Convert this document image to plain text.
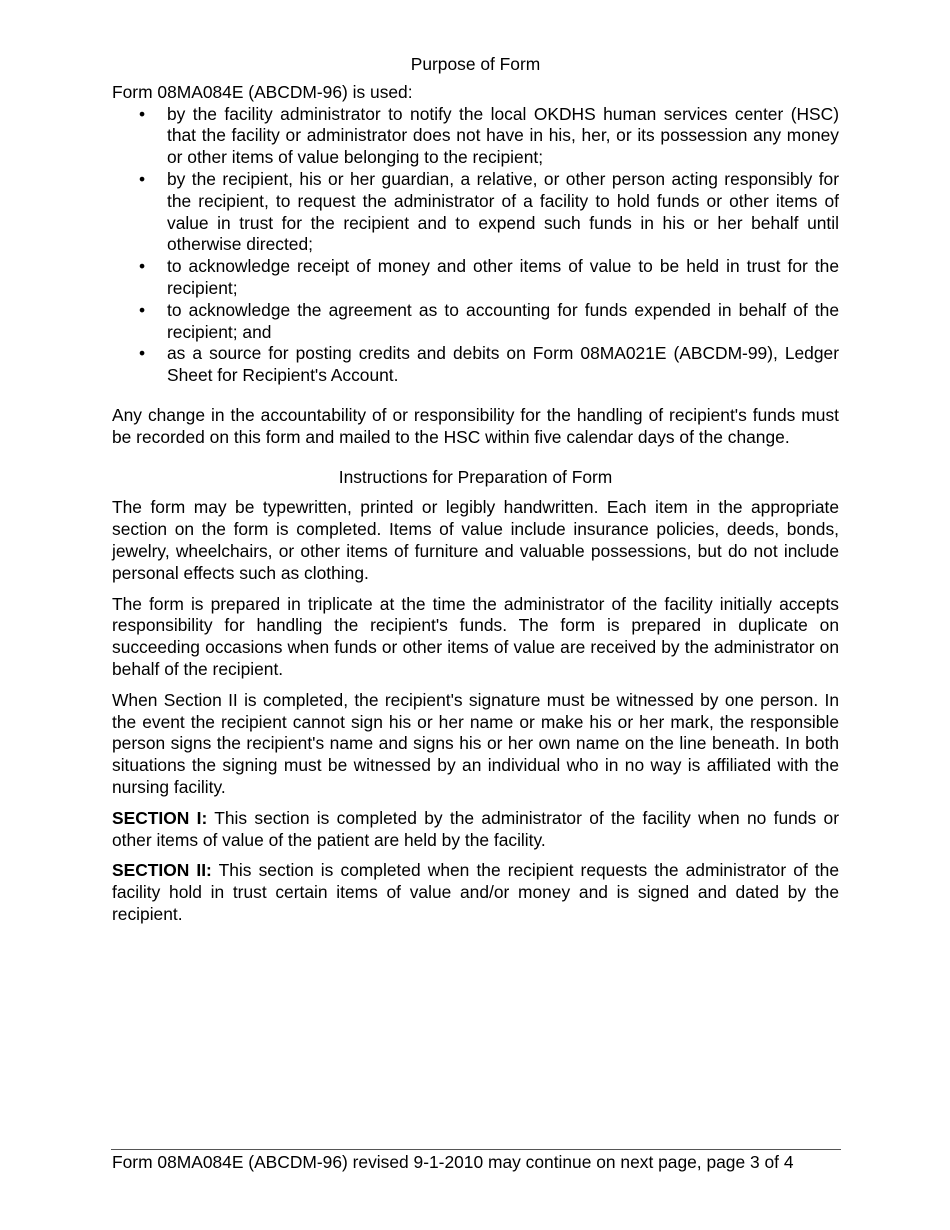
Purpose of Form

Form 08MA084E (ABCDM-96) is used:

•	by the facility administrator to notify the local OKDHS human services center (HSC) that the facility or administrator does not have in his, her, or its possession any money or other items of value belonging to the recipient;
•	by the recipient, his or her guardian, a relative, or other person acting responsibly for the recipient, to request the administrator of a facility to hold funds or other items of value in trust for the recipient and to expend such funds in his or her behalf until otherwise directed;
•	to acknowledge receipt of money and other items of value to be held in trust for the recipient;
•	to acknowledge the agreement as to accounting for funds expended in behalf of the recipient; and
•	as a source for posting credits and debits on Form 08MA021E (ABCDM-99), Ledger Sheet for Recipient's Account.

Any change in the accountability of or responsibility for the handling of recipient's funds must be recorded on this form and mailed to the HSC within five calendar days of the change.

Instructions for Preparation of Form

The form may be typewritten, printed or legibly handwritten. Each item in the appropriate section on the form is completed. Items of value include insurance policies, deeds, bonds, jewelry, wheelchairs, or other items of furniture and valuable possessions, but do not include personal effects such as clothing.

The form is prepared in triplicate at the time the administrator of the facility initially accepts responsibility for handling the recipient's funds. The form is prepared in duplicate on succeeding occasions when funds or other items of value are received by the administrator on behalf of the recipient.

When Section II is completed, the recipient's signature must be witnessed by one person. In the event the recipient cannot sign his or her name or make his or her mark, the responsible person signs the recipient's name and signs his or her own name on the line beneath. In both situations the signing must be witnessed by an individual who in no way is affiliated with the nursing facility.

SECTION I: This section is completed by the administrator of the facility when no funds or other items of value of the patient are held by the facility.

SECTION II: This section is completed when the recipient requests the administrator of the facility hold in trust certain items of value and/or money and is signed and dated by the recipient.

Form 08MA084E (ABCDM-96) revised 9-1-2010 may continue on next page, page 3 of 4
